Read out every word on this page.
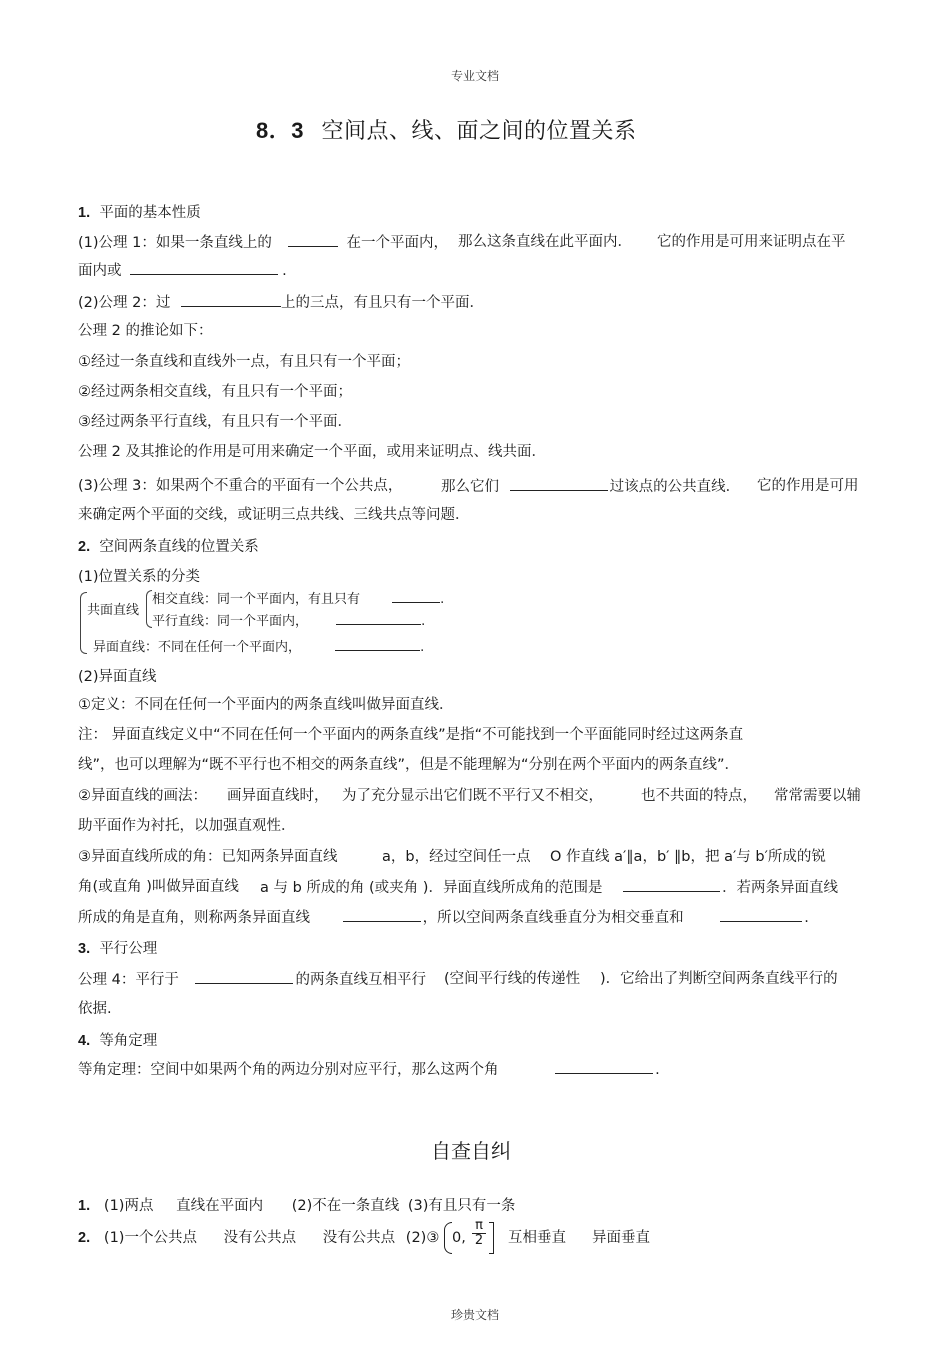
专业文档
珍贵文档
8．3 空间点、线、面之间的位置关系
1. 平面的基本性质
(1)公理 1：如果一条直线上的	在一个平面内， 那么这条直线在此平面内． 它的作用是可用来证明点在平
面内或	.
(2)公理 2：过	上的三点，有且只有一个平面．
公理 2 的推论如下：
①经过一条直线和直线外一点，有且只有一个平面；
②经过两条相交直线，有且只有一个平面；
③经过两条平行直线，有且只有一个平面．
公理 2 及其推论的作用是可用来确定一个平面，或用来证明点、线共面．
(3)公理 3：如果两个不重合的平面有一个公共点，	那么它们	过该点的公共直线． 它的作用是可用
来确定两个平面的交线，或证明三点共线、三线共点等问题．
2. 空间两条直线的位置关系
(1)位置关系的分类
共面直线
相交直线：同一个平面内，有且只有	.
平行直线：同一个平面内，	.
异面直线：不同在任何一个平面内，	.
(2)异面直线
①定义：不同在任何一个平面内的两条直线叫做异面直线．
注： 异面直线定义中“不同在任何一个平面内的两条直线”是指“不可能找到一个平面能同时经过这两条直
线”，也可以理解为“既不平行也不相交的两条直线”，但是不能理解为“分别在两个平面内的两条直线”．
②异面直线的画法： 画异面直线时， 为了充分显示出它们既不平行又不相交，	也不共面的特点， 常常需要以辅
助平面作为衬托，以加强直观性．
③异面直线所成的角：已知两条异面直线	a，b，经过空间任一点 O 作直线 a′∥a，b′ ∥b，把 a′与 b′所成的锐
角(或直角 )叫做异面直线 a 与 b 所成的角 (或夹角 )．异面直线所成角的范围是	．若两条异面直线
所成的角是直角，则称两条异面直线	，所以空间两条直线垂直分为相交垂直和	.
3. 平行公理
公理 4：平行于	的两条直线互相平行 (空间平行线的传递性 )．它给出了判断空间两条直线平行的
依据.
4. 等角定理
等角定理：空间中如果两个角的两边分别对应平行，那么这两个角	.
自查自纠
1. (1)两点 直线在平面内 (2)不在一条直线 (3)有且只有一条
2. (1)一个公共点 没有公共点 没有公共点 (2)③ 0, $\frac{\pi}{2}$ 互相垂直 异面垂直
